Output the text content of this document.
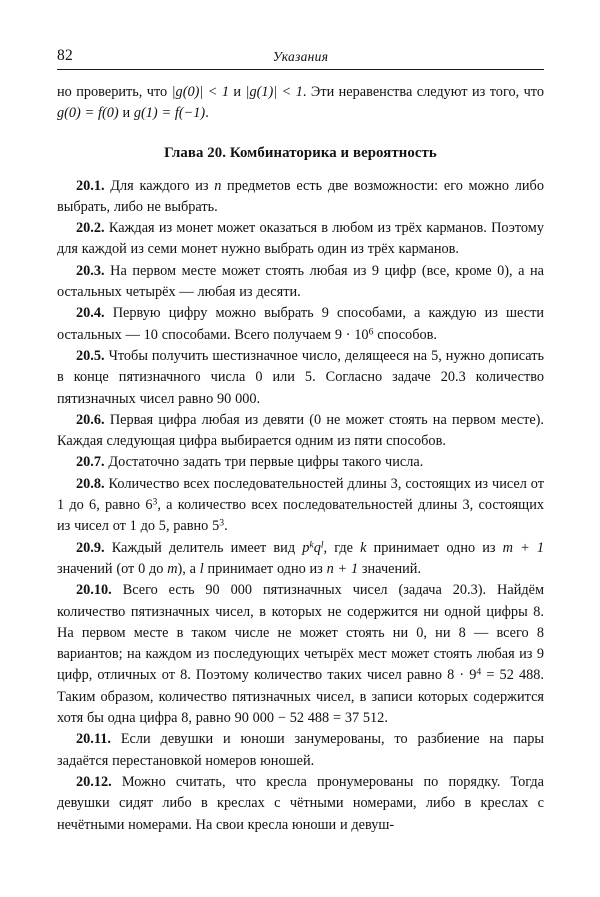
82	Указания

но проверить, что |g(0)| < 1 и |g(1)| < 1. Эти неравенства следуют из того, что g(0) = f(0) и g(1) = f(−1).

Глава 20. Комбинаторика и вероятность

20.1. Для каждого из n предметов есть две возможности: его можно либо выбрать, либо не выбрать.

20.2. Каждая из монет может оказаться в любом из трёх карманов. Поэтому для каждой из семи монет нужно выбрать один из трёх карманов.

20.3. На первом месте может стоять любая из 9 цифр (все, кроме 0), а на остальных четырёх — любая из десяти.

20.4. Первую цифру можно выбрать 9 способами, а каждую из шести остальных — 10 способами. Всего получаем $9 \cdot 10^6$ способов.

20.5. Чтобы получить шестизначное число, делящееся на 5, нужно дописать в конце пятизначного числа 0 или 5. Согласно задаче 20.3 количество пятизначных чисел равно 90 000.

20.6. Первая цифра любая из девяти (0 не может стоять на первом месте). Каждая следующая цифра выбирается одним из пяти способов.

20.7. Достаточно задать три первые цифры такого числа.

20.8. Количество всех последовательностей длины 3, состоящих из чисел от 1 до 6, равно $6^3$, а количество всех последовательностей длины 3, состоящих из чисел от 1 до 5, равно $5^3$.

20.9. Каждый делитель имеет вид $p^kq^l$, где k принимает одно из m + 1 значений (от 0 до m), а l принимает одно из n + 1 значений.

20.10. Всего есть 90 000 пятизначных чисел (задача 20.3). Найдём количество пятизначных чисел, в которых не содержится ни одной цифры 8. На первом месте в таком числе не может стоять ни 0, ни 8 — всего 8 вариантов; на каждом из последующих четырёх мест может стоять любая из 9 цифр, отличных от 8. Поэтому количество таких чисел равно $8 \cdot 9^4 = 52$ 488. Таким образом, количество пятизначных чисел, в записи которых содержится хотя бы одна цифра 8, равно 90 000 − 52 488 = 37 512.

20.11. Если девушки и юноши занумерованы, то разбиение на пары задаётся перестановкой номеров юношей.

20.12. Можно считать, что кресла пронумерованы по порядку. Тогда девушки сидят либо в креслах с чётными номерами, либо в креслах с нечётными номерами. На свои кресла юноши и девуш-
